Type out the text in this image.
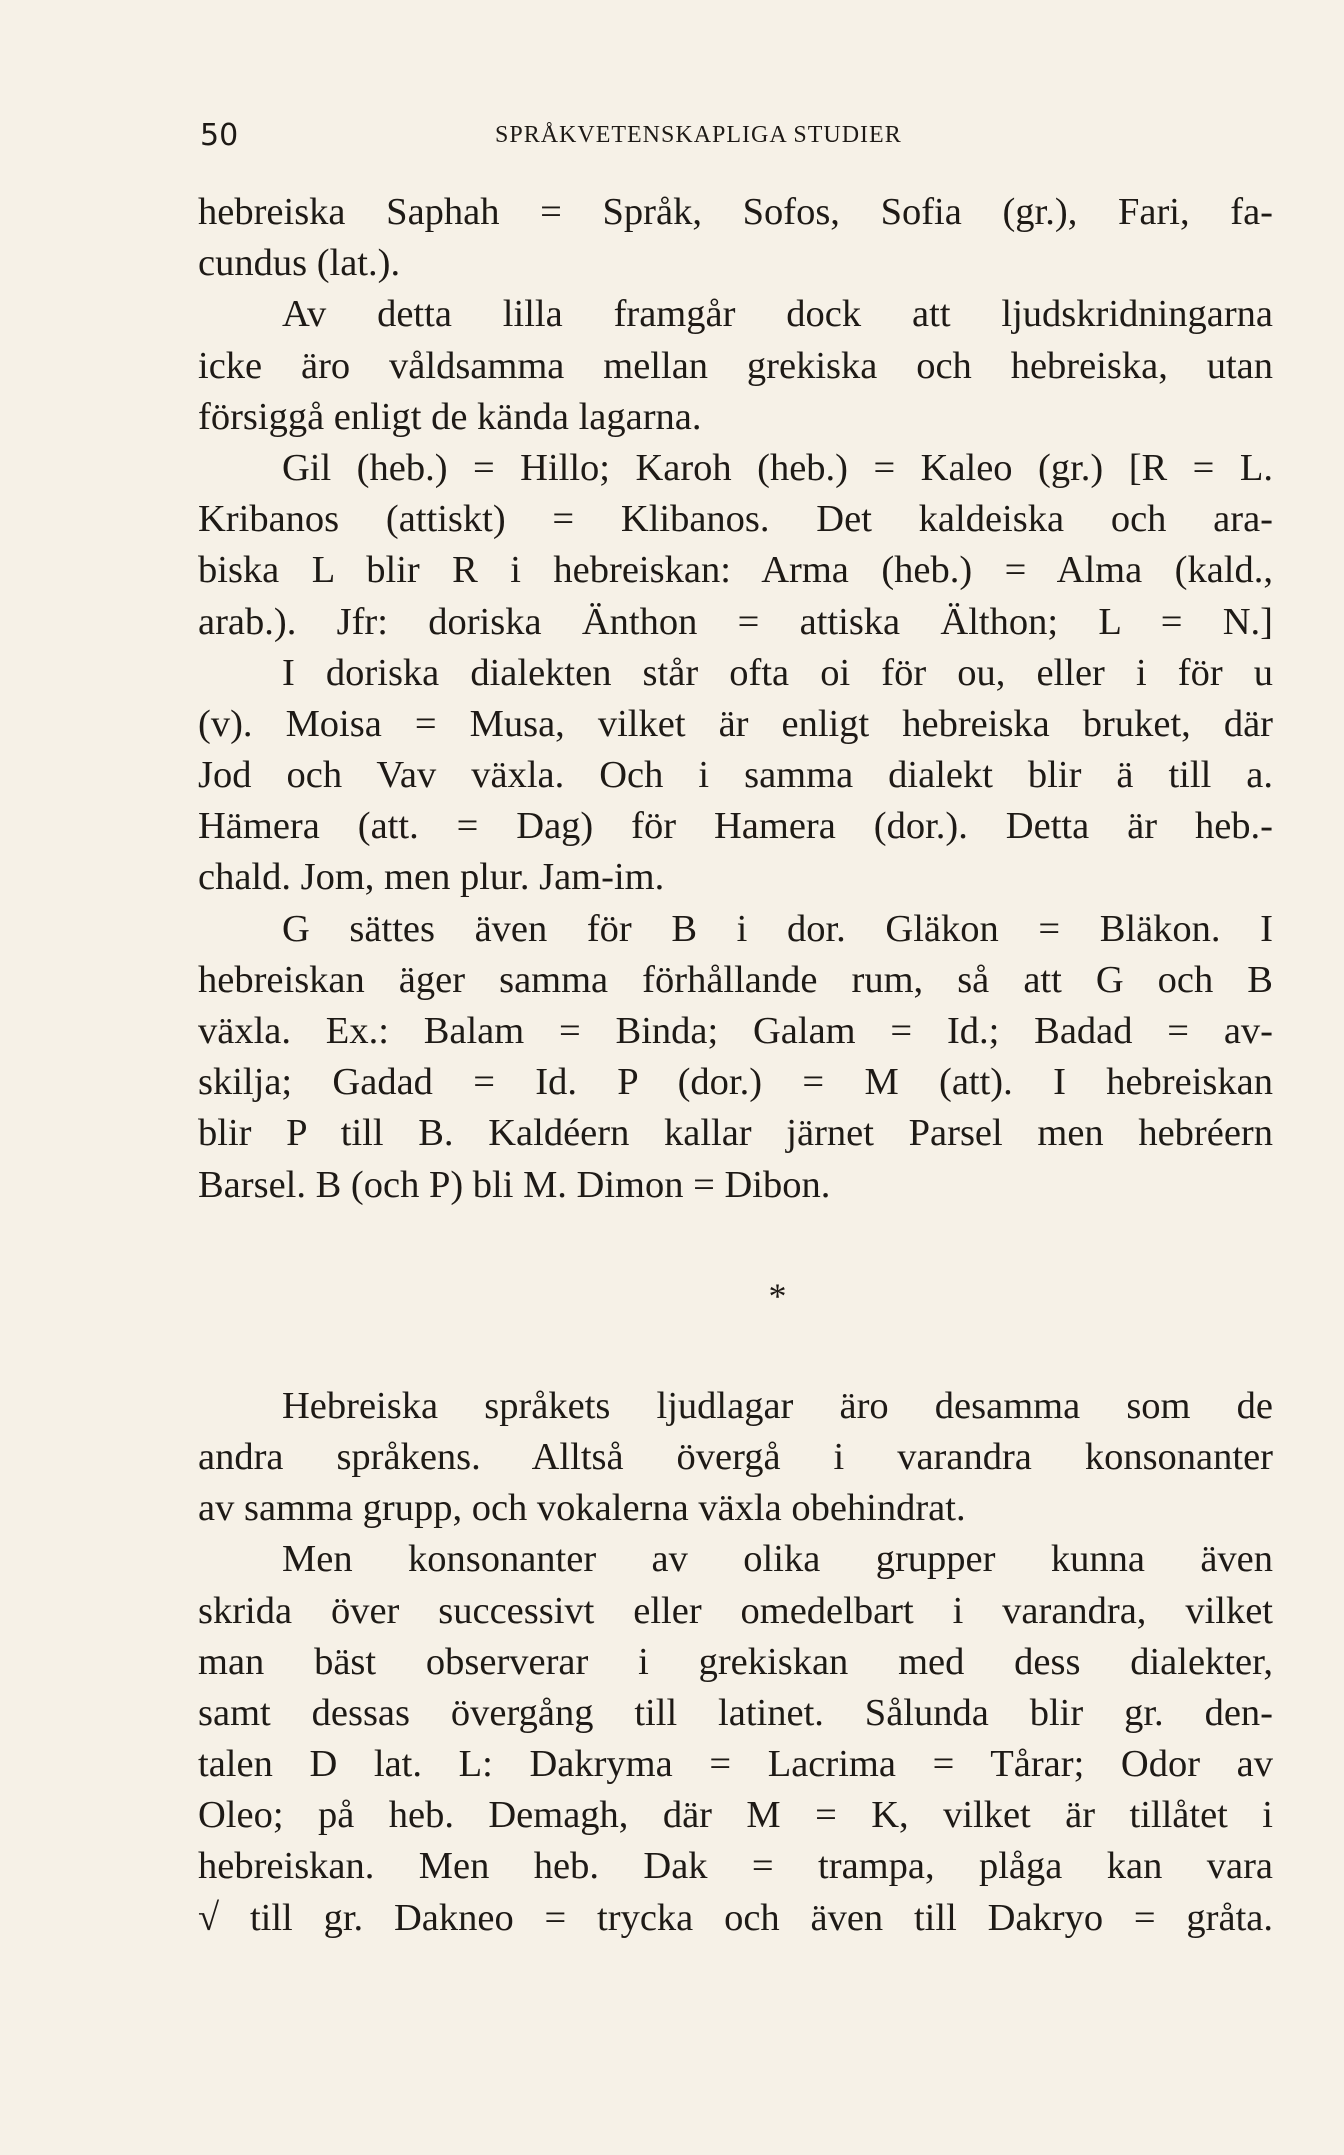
50	SPRÅKVETENSKAPLIGA STUDIER
hebreiska Saphah = Språk, Sofos, Sofia (gr.), Fari, fa-
cundus (lat.).
Av detta lilla framgår dock att ljudskridningarna
icke äro våldsamma mellan grekiska och hebreiska, utan
försiggå enligt de kända lagarna.
Gil (heb.) = Hillo; Karoh (heb.) = Kaleo (gr.) [R = L.
Kribanos (attiskt) = Klibanos. Det kaldeiska och ara-
biska L blir R i hebreiskan: Arma (heb.) = Alma (kald.,
arab.). Jfr: doriska Änthon = attiska Älthon; L = N.]
I doriska dialekten står ofta oi för ou, eller i för u
(v). Moisa = Musa, vilket är enligt hebreiska bruket, där
Jod och Vav växla. Och i samma dialekt blir ä till a.
Hämera (att. = Dag) för Hamera (dor.). Detta är heb.-
chald. Jom, men plur. Jam-im.
G sättes även för B i dor. Gläkon = Bläkon. I
hebreiskan äger samma förhållande rum, så att G och B
växla. Ex.: Balam = Binda; Galam = Id.; Badad = av-
skilja; Gadad = Id. P (dor.) = M (att). I hebreiskan
blir P till B. Kaldéern kallar järnet Parsel men hebréern
Barsel. B (och P) bli M. Dimon = Dibon.
*
Hebreiska språkets ljudlagar äro desamma som de
andra språkens. Alltså övergå i varandra konsonanter
av samma grupp, och vokalerna växla obehindrat.
Men konsonanter av olika grupper kunna även
skrida över successivt eller omedelbart i varandra, vilket
man bäst observerar i grekiskan med dess dialekter,
samt dessas övergång till latinet. Sålunda blir gr. den-
talen D lat. L: Dakryma = Lacrima = Tårar; Odor av
Oleo; på heb. Demagh, där M = K, vilket är tillåtet i
hebreiskan. Men heb. Dak = trampa, plåga kan vara
√ till gr. Dakneo = trycka och även till Dakryo = gråta.
